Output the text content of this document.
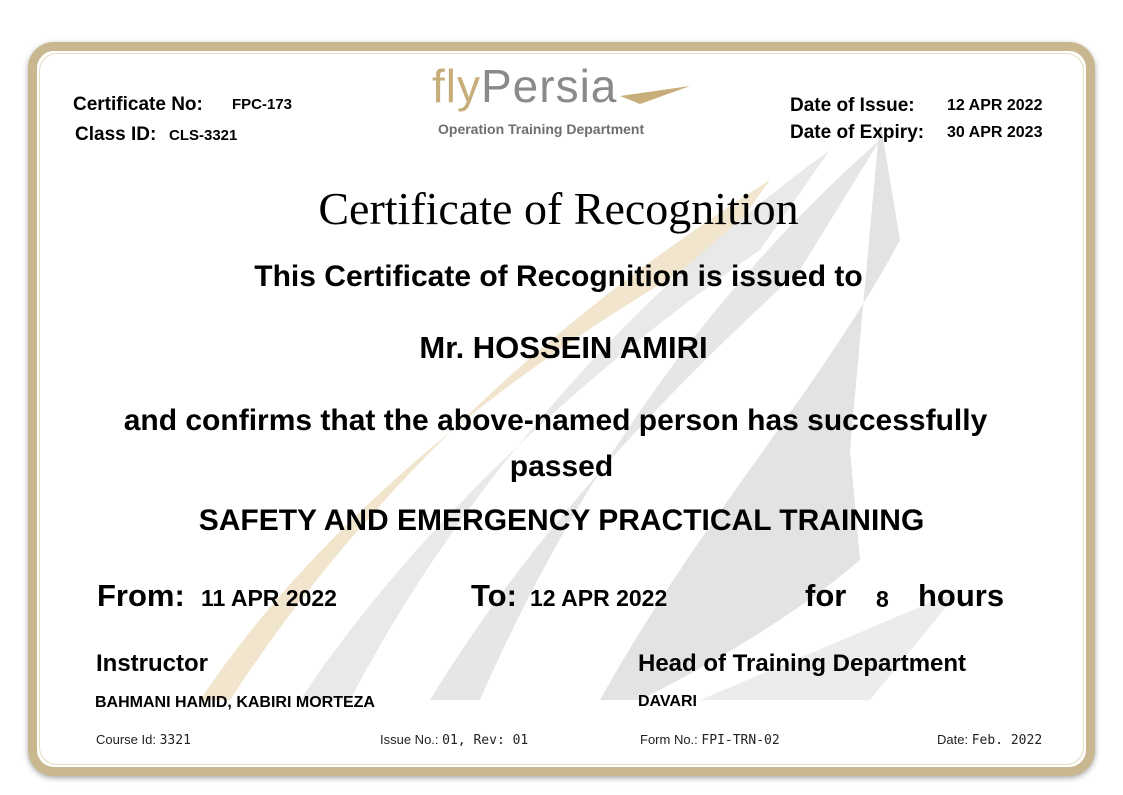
flyPersia
Operation Training Department
Certificate No: FPC-173
Class ID: CLS-3321
Date of Issue: 12 APR 2022
Date of Expiry: 30 APR 2023
Certificate of Recognition
This Certificate of Recognition is issued to
Mr. HOSSEIN AMIRI
and confirms that the above-named person has successfully
passed
SAFETY AND EMERGENCY PRACTICAL TRAINING
From: 11 APR 2022	To: 12 APR 2022	for 8 hours
Instructor
BAHMANI HAMID, KABIRI MORTEZA
Head of Training Department
DAVARI
Course Id: 3321	Issue No.: 01, Rev: 01	Form No.: FPI-TRN-02	Date: Feb. 2022
